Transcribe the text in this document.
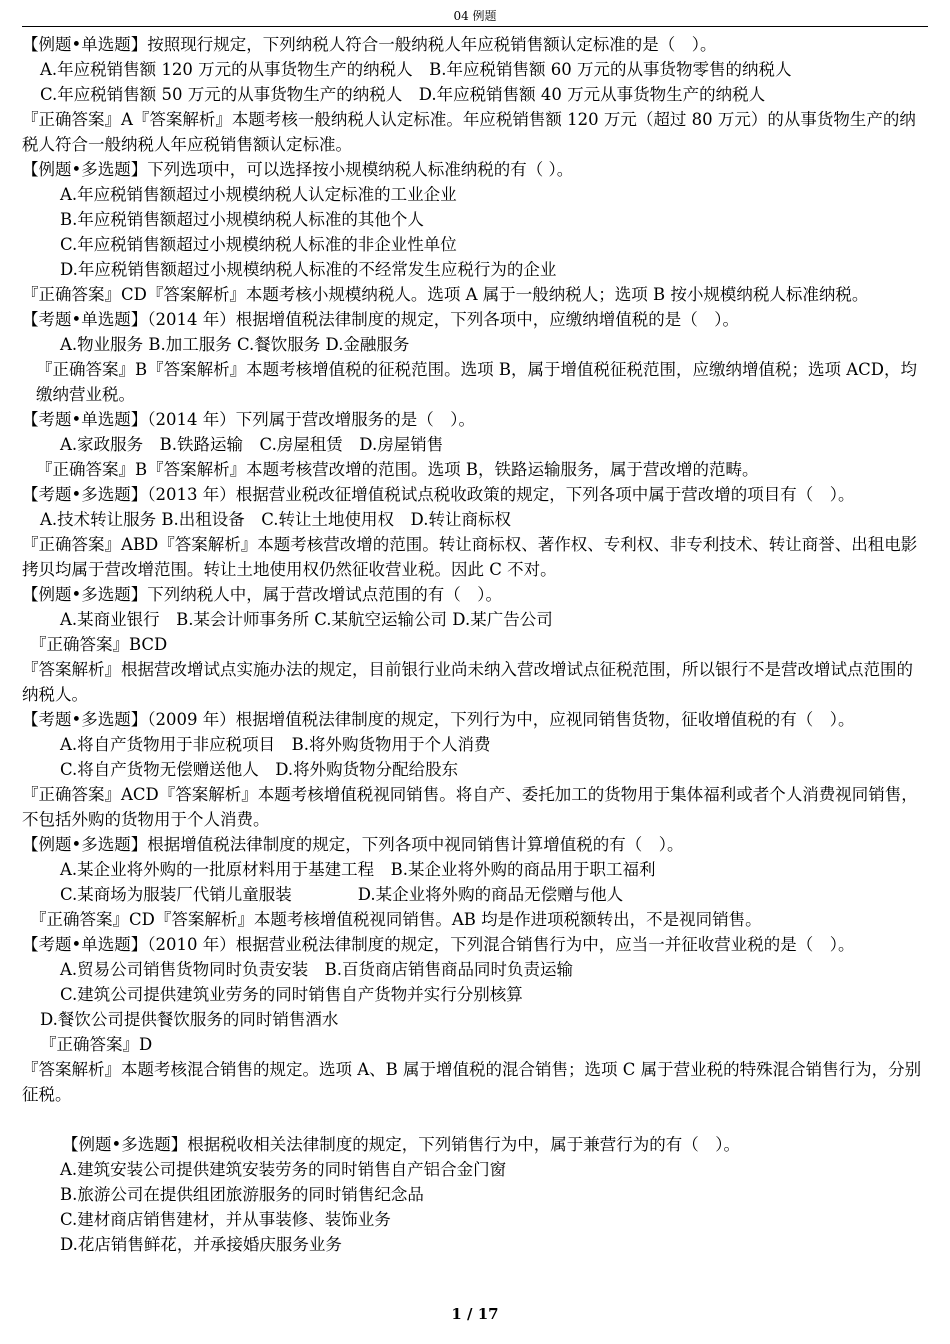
04 例题
【例题•单选题】按照现行规定，下列纳税人符合一般纳税人年应税销售额认定标准的是（　）。
A.年应税销售额 120 万元的从事货物生产的纳税人　B.年应税销售额 60 万元的从事货物零售的纳税人
C.年应税销售额 50 万元的从事货物生产的纳税人　D.年应税销售额 40 万元从事货物生产的纳税人
『正确答案』A『答案解析』本题考核一般纳税人认定标准。年应税销售额 120 万元（超过 80 万元）的从事货物生产的纳税人符合一般纳税人年应税销售额认定标准。
【例题•多选题】下列选项中，可以选择按小规模纳税人标准纳税的有（ ）。
A.年应税销售额超过小规模纳税人认定标准的工业企业
B.年应税销售额超过小规模纳税人标准的其他个人
C.年应税销售额超过小规模纳税人标准的非企业性单位
D.年应税销售额超过小规模纳税人标准的不经常发生应税行为的企业
『正确答案』CD『答案解析』本题考核小规模纳税人。选项 A 属于一般纳税人；选项 B 按小规模纳税人标准纳税。
【考题•单选题】（2014 年）根据增值税法律制度的规定，下列各项中，应缴纳增值税的是（　）。
A.物业服务 B.加工服务 C.餐饮服务 D.金融服务
『正确答案』B『答案解析』本题考核增值税的征税范围。选项 B，属于增值税征税范围，应缴纳增值税；选项 ACD，均缴纳营业税。
【考题•单选题】（2014 年）下列属于营改增服务的是（　）。
A.家政服务　B.铁路运输　C.房屋租赁　D.房屋销售
『正确答案』B『答案解析』本题考核营改增的范围。选项 B，铁路运输服务，属于营改增的范畴。
【考题•多选题】（2013 年）根据营业税改征增值税试点税收政策的规定，下列各项中属于营改增的项目有（　）。
A.技术转让服务 B.出租设备　C.转让土地使用权　D.转让商标权
『正确答案』ABD『答案解析』本题考核营改增的范围。转让商标权、著作权、专利权、非专利技术、转让商誉、出租电影拷贝均属于营改增范围。转让土地使用权仍然征收营业税。因此 C 不对。
【例题•多选题】下列纳税人中，属于营改增试点范围的有（　）。
A.某商业银行　B.某会计师事务所 C.某航空运输公司 D.某广告公司
『正确答案』BCD
『答案解析』根据营改增试点实施办法的规定，目前银行业尚未纳入营改增试点征税范围，所以银行不是营改增试点范围的纳税人。
【考题•多选题】（2009 年）根据增值税法律制度的规定，下列行为中，应视同销售货物，征收增值税的有（　）。
A.将自产货物用于非应税项目　B.将外购货物用于个人消费
C.将自产货物无偿赠送他人　D.将外购货物分配给股东
『正确答案』ACD『答案解析』本题考核增值税视同销售。将自产、委托加工的货物用于集体福利或者个人消费视同销售，不包括外购的货物用于个人消费。
【例题•多选题】根据增值税法律制度的规定，下列各项中视同销售计算增值税的有（　）。
A.某企业将外购的一批原材料用于基建工程　B.某企业将外购的商品用于职工福利
C.某商场为服装厂代销儿童服装　　　　D.某企业将外购的商品无偿赠与他人
『正确答案』CD『答案解析』本题考核增值税视同销售。AB 均是作进项税额转出，不是视同销售。
【考题•单选题】（2010 年）根据营业税法律制度的规定，下列混合销售行为中，应当一并征收营业税的是（　）。
A.贸易公司销售货物同时负责安装　B.百货商店销售商品同时负责运输
C.建筑公司提供建筑业劳务的同时销售自产货物并实行分别核算
D.餐饮公司提供餐饮服务的同时销售酒水
『正确答案』D
『答案解析』本题考核混合销售的规定。选项 A、B 属于增值税的混合销售；选项 C 属于营业税的特殊混合销售行为，分别征税。
【例题•多选题】根据税收相关法律制度的规定，下列销售行为中，属于兼营行为的有（　）。
A.建筑安装公司提供建筑安装劳务的同时销售自产铝合金门窗
B.旅游公司在提供组团旅游服务的同时销售纪念品
C.建材商店销售建材，并从事装修、装饰业务
D.花店销售鲜花，并承接婚庆服务业务
1 / 17
